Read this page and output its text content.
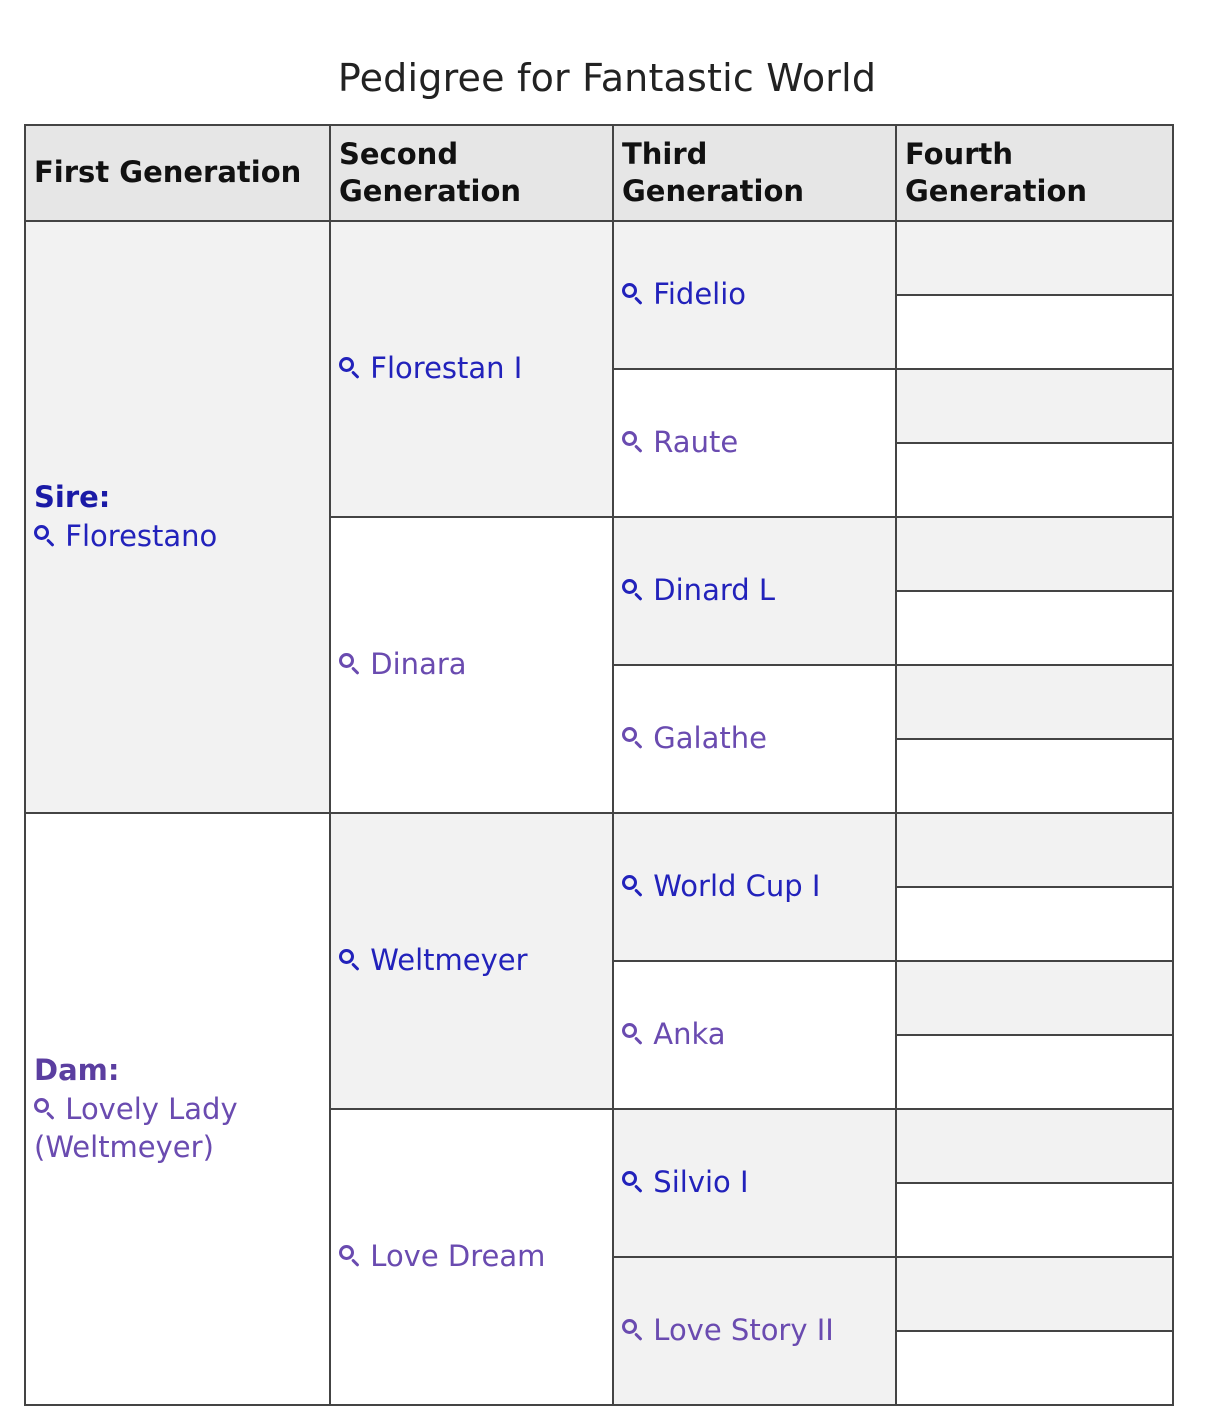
Pedigree for Fantastic World
First Generation	Second Generation	Third Generation	Fourth Generation

Sire:
Florestano	Florestan I	Fidelio	

Raute	

Dinara	Dinard L	

Galathe	

Dam:
Lovely Lady (Weltmeyer)	Weltmeyer	World Cup I	

Anka	

Love Dream	Silvio I	

Love Story II	
